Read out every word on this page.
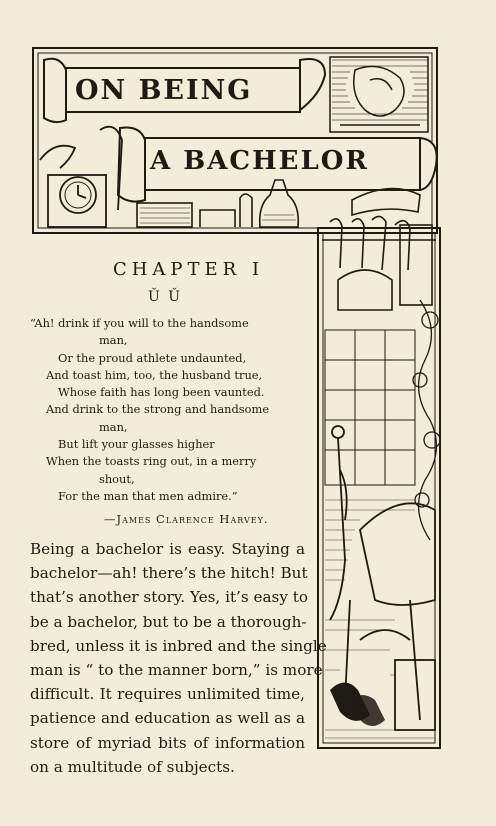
ON BEING
A BACHELOR
CHAPTER I
Ǔ Ǔ
“Ah! drink if you will to the handsome
man,
Or the proud athlete undaunted,
And toast him, too, the husband true,
Whose faith has long been vaunted.
And drink to the strong and handsome
man,
But lift your glasses higher
When the toasts ring out, in a merry
shout,
For the man that men admire.”
—James Clarence Harvey.
Being a bachelor is easy. Staying a
bachelor—ah! there’s the hitch! But
that’s another story. Yes, it’s easy to
be a bachelor, but to be a thorough-
bred, unless it is inbred and the single
man is “ to the manner born,” is more
difficult. It requires unlimited time,
patience and education as well as a
store of myriad bits of information
on a multitude of subjects.
